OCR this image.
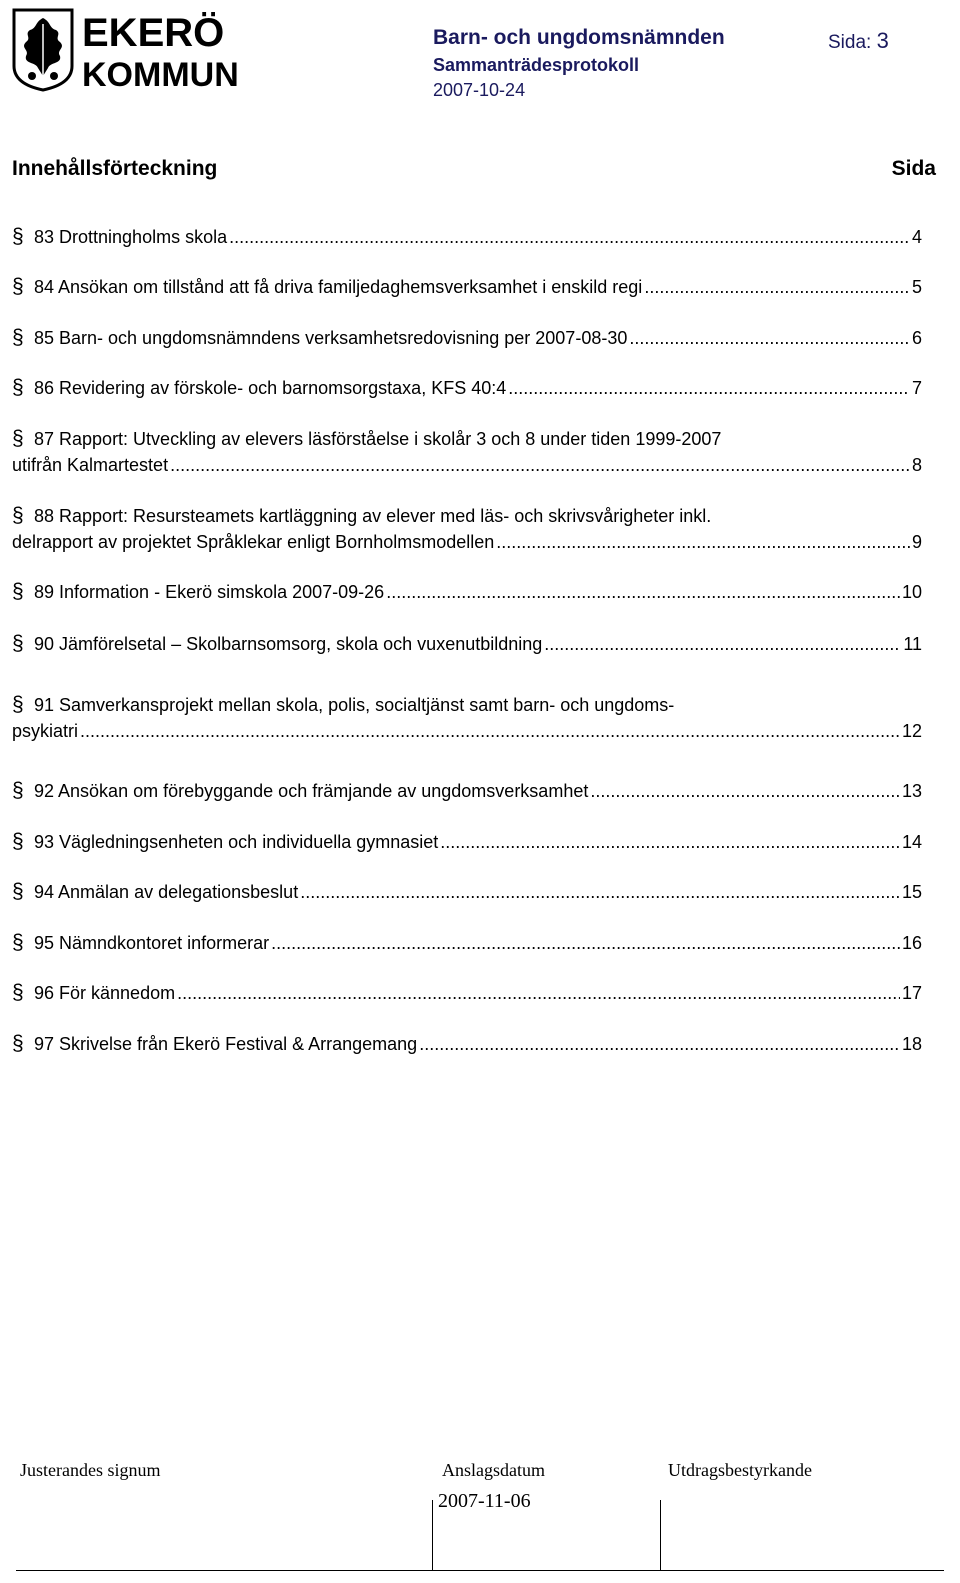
EKERÖ
KOMMUN
Barn- och ungdomsnämnden	Sida: 3
Sammanträdesprotokoll
2007-10-24
Innehållsförteckning	Sida
§ 83 Drottningholms skola .....	4
§ 84 Ansökan om tillstånd att få driva familjedaghemsverksamhet i enskild regi .....	5
§ 85 Barn- och ungdomsnämndens verksamhetsredovisning per 2007-08-30 .....	6
§ 86 Revidering av förskole- och barnomsorgstaxa, KFS 40:4 .....	7
§ 87 Rapport: Utveckling av elevers läsförståelse i skolår 3 och 8 under tiden 1999-2007
utifrån Kalmartestet .....	8
§ 88 Rapport: Resursteamets kartläggning av elever med läs- och skrivsvårigheter inkl.
delrapport av projektet Språklekar enligt Bornholmsmodellen .....	9
§ 89 Information - Ekerö simskola 2007-09-26 .....	10
§ 90 Jämförelsetal – Skolbarnsomsorg, skola och vuxenutbildning .....	11
§ 91 Samverkansprojekt mellan skola, polis, socialtjänst samt barn- och ungdoms-
psykiatri .....	12
§ 92 Ansökan om förebyggande och främjande av ungdomsverksamhet .....	13
§ 93 Vägledningsenheten och individuella gymnasiet .....	14
§ 94 Anmälan av delegationsbeslut .....	15
§ 95 Nämndkontoret informerar .....	16
§ 96 För kännedom .....	17
§ 97 Skrivelse från Ekerö Festival & Arrangemang .....	18
Justerandes signum	Anslagsdatum	Utdragsbestyrkande
2007-11-06
